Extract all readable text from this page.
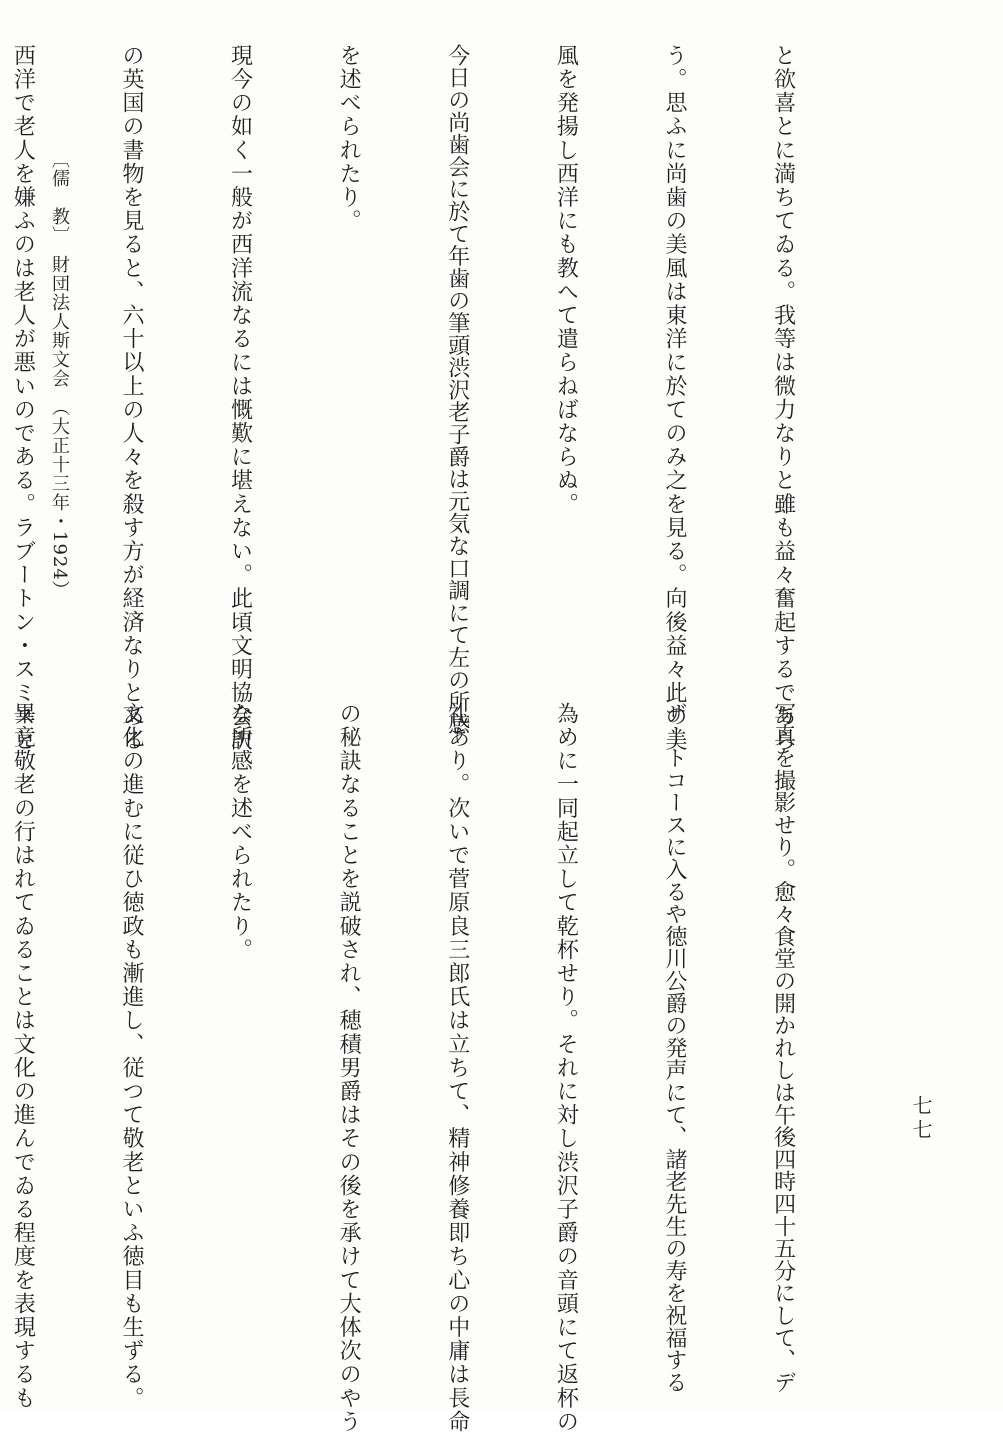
と欲喜とに満ちてゐる。我等は微力なりと雖も益々奮起するであら

う。思ふに尚歯の美風は東洋に於てのみ之を見る。向後益々此の美

風を発揚し西洋にも教へて遣らねばならぬ。

今日の尚歯会に於て年歯の筆頭渋沢老子爵は元気な口調にて左の所感

を述べられたり。

現今の如く一般が西洋流なるには慨歎に堪えない。此頃文明協会訳

の英国の書物を見ると、六十以上の人々を殺す方が経済なりとある

西洋で老人を嫌ふのは老人が悪いのである。ラブートン・スミスと

写真を撮影せり。愈々食堂の開かれしは午後四時四十五分にして、デ

ザートコースに入るや徳川公爵の発声にて、諸老先生の寿を祝福する

為めに一同起立して乾杯せり。それに対し渋沢子爵の音頭にて返杯の

礼あり。次いで菅原良三郎氏は立ちて、精神修養即ち心の中庸は長命

の秘訣なることを説破され、穂積男爵はその後を承けて大体次のやう

な所感を述べられたり。

文化の進むに従ひ徳政も漸進し、従つて敬老といふ徳目も生ずる。

畢竟敬老の行はれてゐることは文化の進んでゐる程度を表現するも

	七七
〔儒　教〕　財団法人斯文会　（大正十三年・1924）
